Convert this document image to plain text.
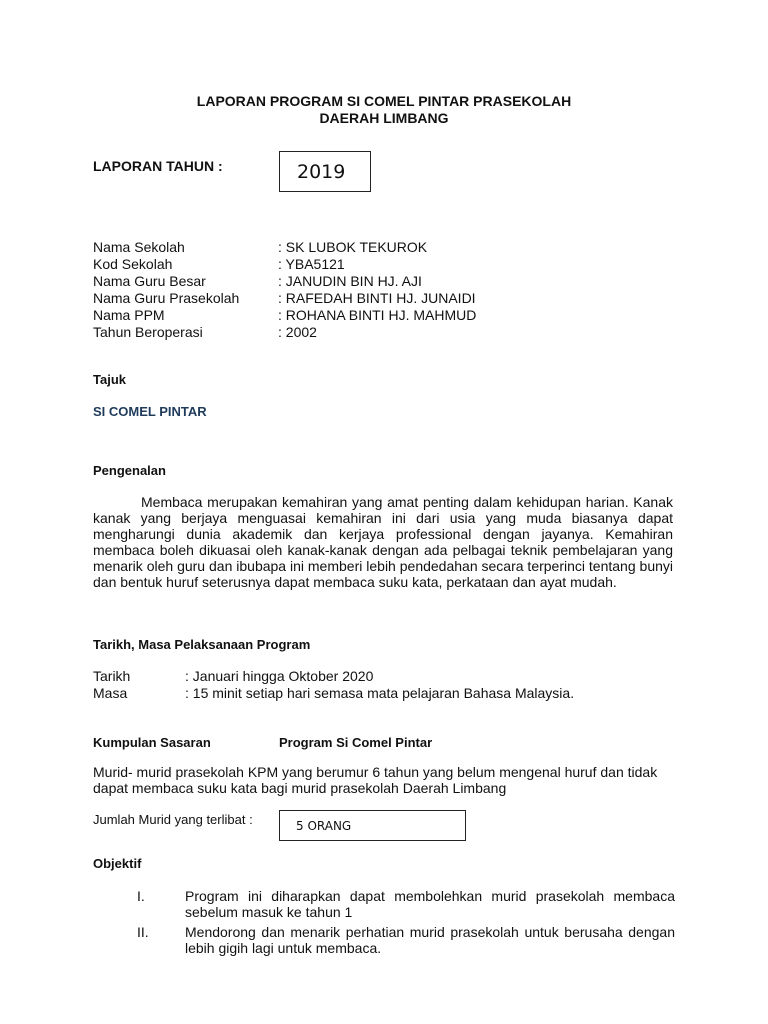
LAPORAN PROGRAM SI COMEL PINTAR PRASEKOLAH
DAERAH LIMBANG
LAPORAN TAHUN :	2019
Nama Sekolah	: SK LUBOK TEKUROK
Kod Sekolah	: YBA5121
Nama Guru Besar	: JANUDIN BIN HJ. AJI
Nama Guru Prasekolah	: RAFEDAH BINTI HJ. JUNAIDI
Nama PPM	: ROHANA BINTI HJ. MAHMUD
Tahun Beroperasi	: 2002
Tajuk
SI COMEL PINTAR
Pengenalan
Membaca merupakan kemahiran yang amat penting dalam kehidupan harian. Kanak kanak yang berjaya menguasai kemahiran ini dari usia yang muda biasanya dapat mengharungi dunia akademik dan kerjaya professional dengan jayanya. Kemahiran membaca boleh dikuasai oleh kanak-kanak dengan ada pelbagai teknik pembelajaran yang menarik oleh guru dan ibubapa ini memberi lebih pendedahan secara terperinci tentang bunyi dan bentuk huruf seterusnya dapat membaca suku kata, perkataan dan ayat mudah.
Tarikh, Masa Pelaksanaan Program
Tarikh	: Januari hingga Oktober 2020
Masa	: 15 minit setiap hari semasa mata pelajaran Bahasa Malaysia.
Kumpulan Sasaran	Program Si Comel Pintar
Murid- murid prasekolah KPM yang berumur 6 tahun yang belum mengenal huruf dan tidak dapat membaca suku kata bagi murid prasekolah Daerah Limbang
Jumlah Murid yang terlibat :	5 ORANG
Objektif
I.	Program ini diharapkan dapat membolehkan murid prasekolah membaca sebelum masuk ke tahun 1
II.	Mendorong dan menarik perhatian murid prasekolah untuk berusaha dengan lebih gigih lagi untuk membaca.
